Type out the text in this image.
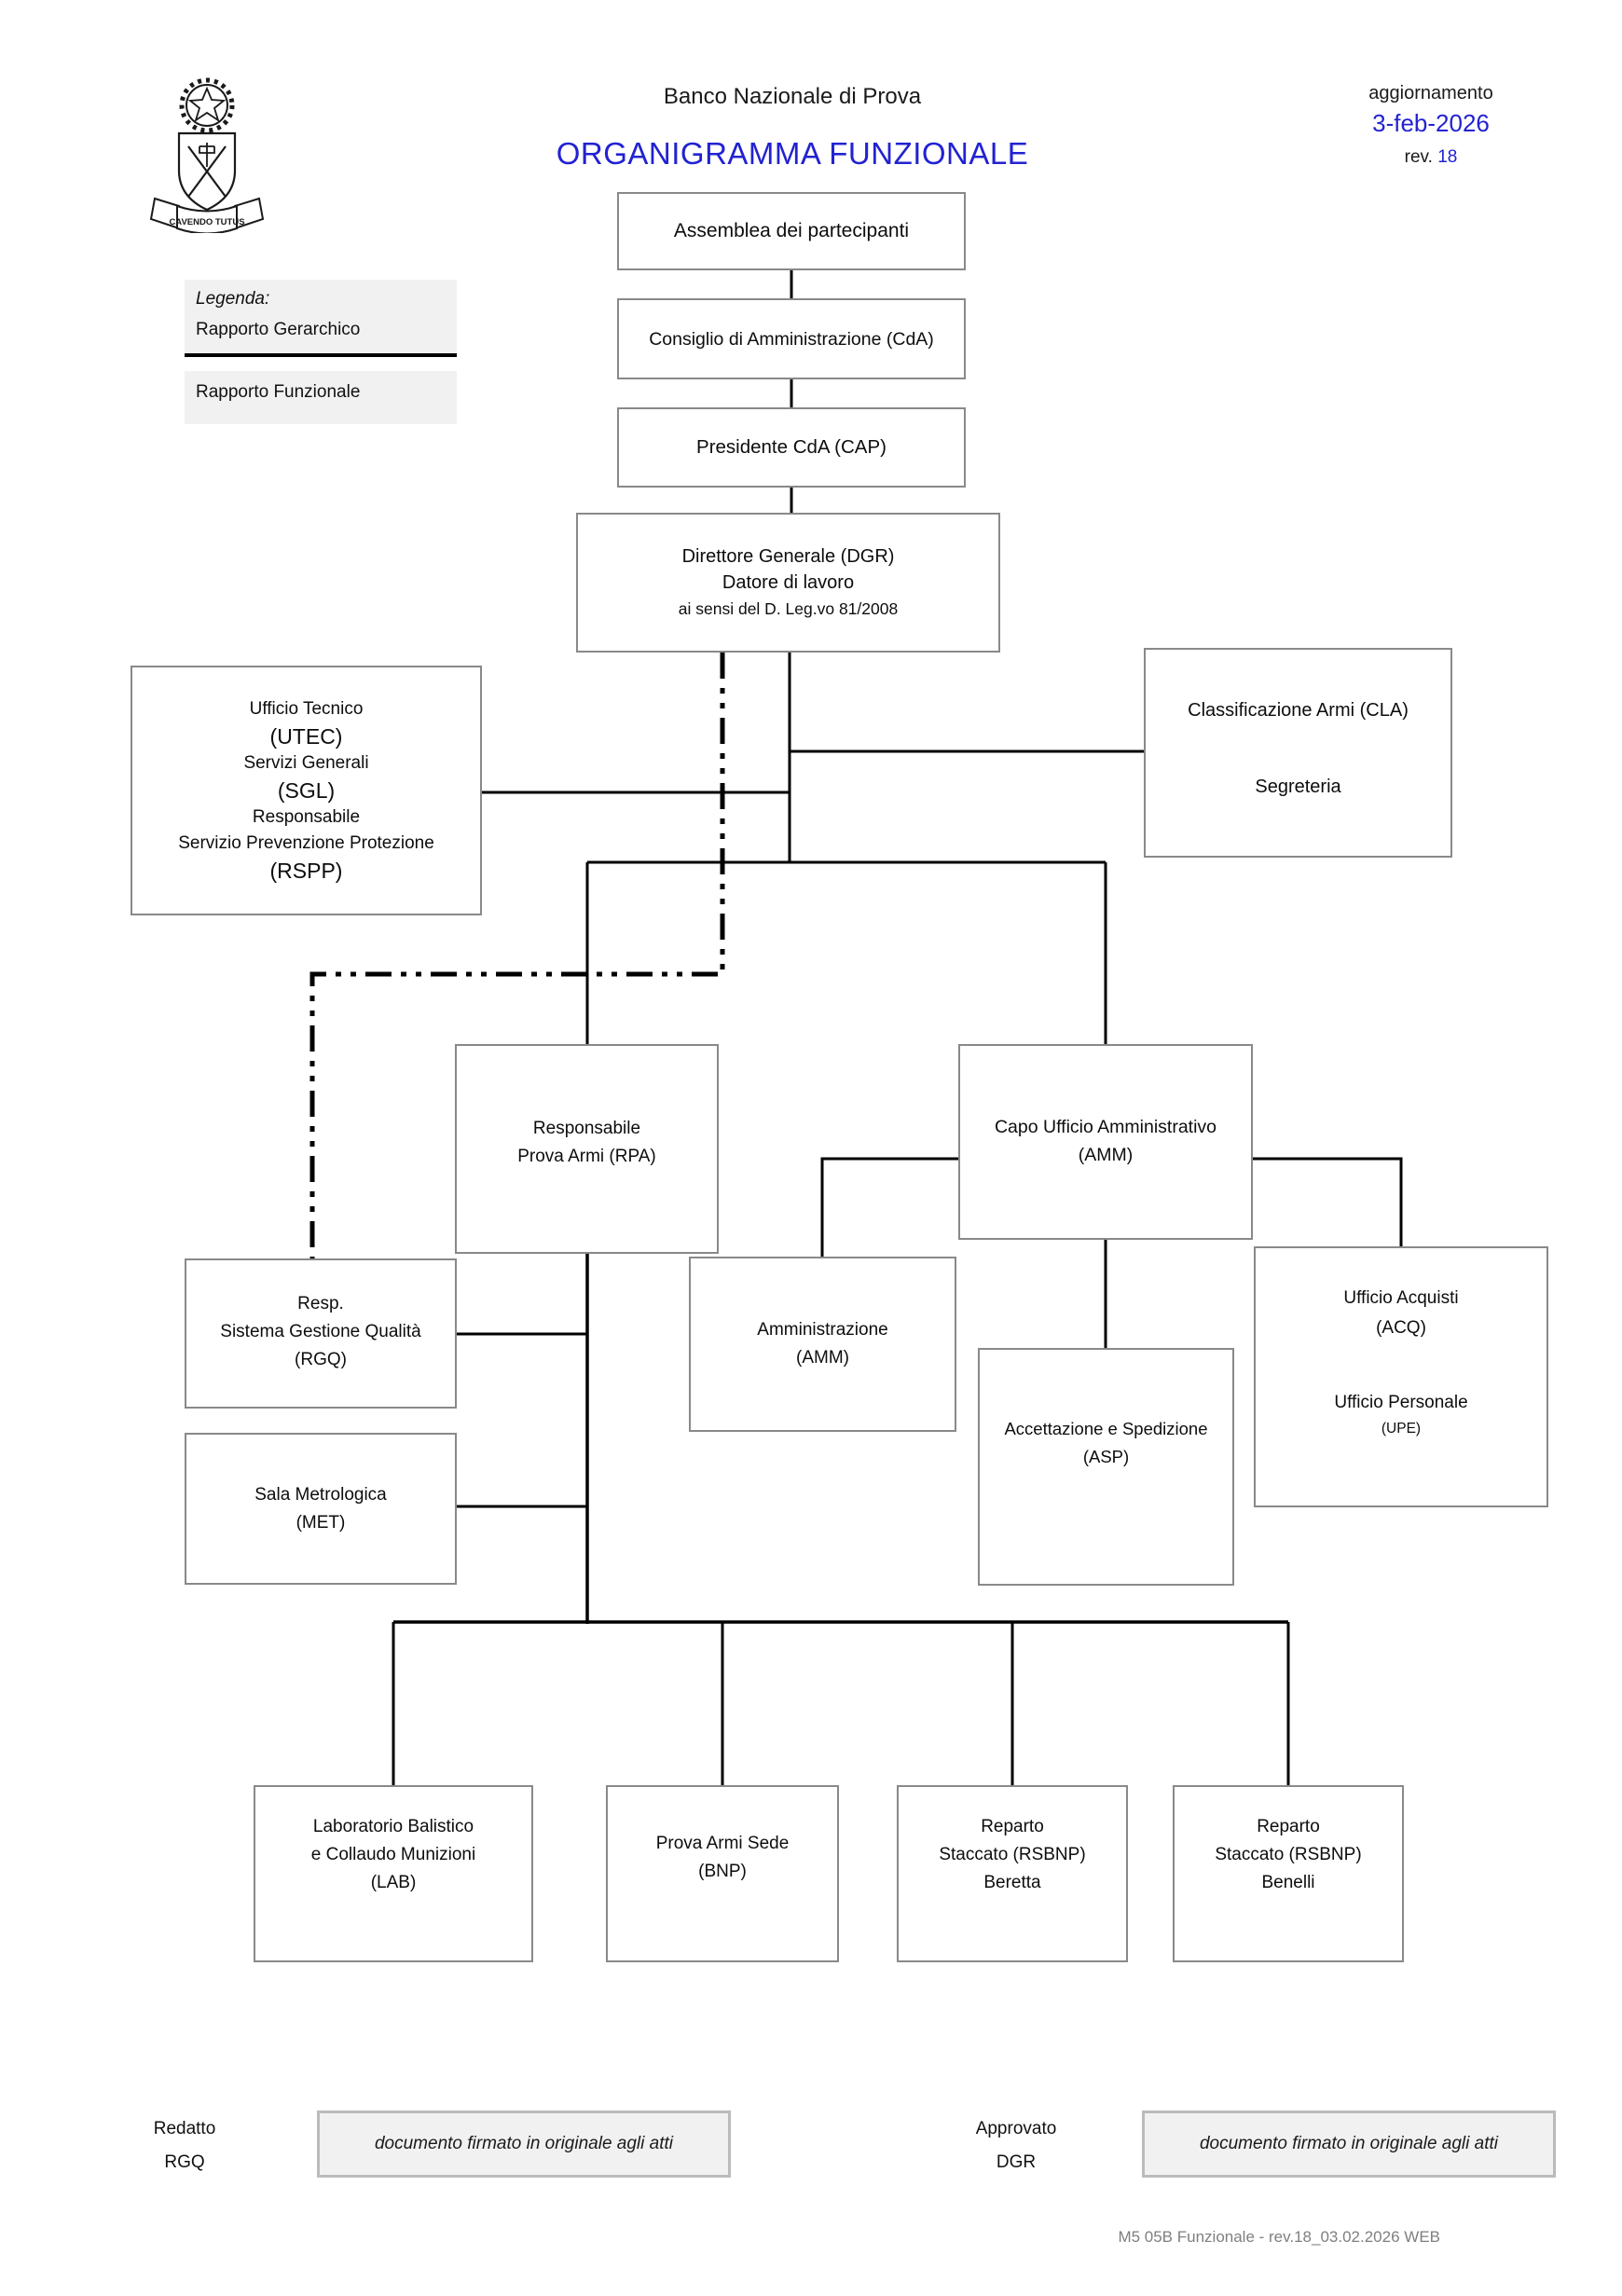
CAVENDO TUTUS
Banco Nazionale di Prova
ORGANIGRAMMA FUNZIONALE
aggiornamento
3-feb-2026
rev. 18
Legenda:
Rapporto Gerarchico
Rapporto Funzionale
Assemblea dei partecipanti
Consiglio di Amministrazione (CdA)
Presidente CdA (CAP)
Direttore Generale (DGR)
Datore di lavoro
ai sensi del D. Leg.vo 81/2008
Ufficio Tecnico
(UTEC)
Servizi Generali
(SGL)
Responsabile
Servizio Prevenzione Protezione
(RSPP)
Classificazione Armi (CLA)
Segreteria
Responsabile
Prova Armi (RPA)
Capo Ufficio Amministrativo
(AMM)
Resp.
Sistema Gestione Qualità
(RGQ)
Amministrazione
(AMM)
Accettazione e Spedizione
(ASP)
Ufficio Acquisti
(ACQ)
Ufficio Personale
(UPE)
Sala Metrologica
(MET)
Laboratorio Balistico
e Collaudo Munizioni
(LAB)
Prova Armi Sede
(BNP)
Reparto
Staccato (RSBNP)
Beretta
Reparto
Staccato (RSBNP)
Benelli
Redatto
RGQ
documento firmato in originale agli atti
Approvato
DGR
documento firmato in originale agli atti
M5 05B Funzionale - rev.18_03.02.2026 WEB
